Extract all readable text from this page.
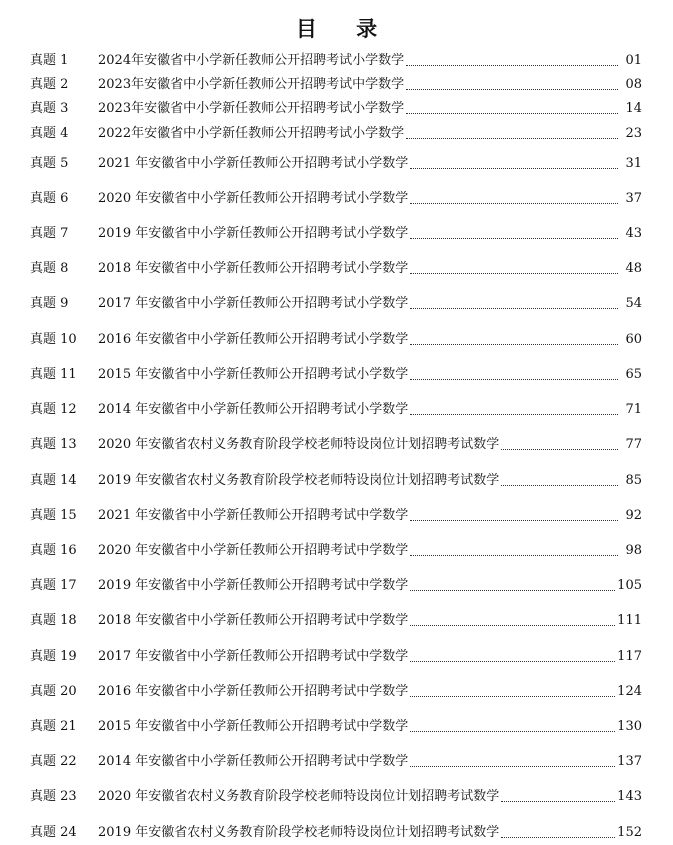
目 录
真题 1	2024年安徽省中小学新任教师公开招聘考试小学数学	01
真题 2	2023年安徽省中小学新任教师公开招聘考试中学数学	08
真题 3	2023年安徽省中小学新任教师公开招聘考试小学数学	14
真题 4	2022年安徽省中小学新任教师公开招聘考试小学数学	23
真题 5	2021 年安徽省中小学新任教师公开招聘考试小学数学	31
真题 6	2020 年安徽省中小学新任教师公开招聘考试小学数学	37
真题 7	2019 年安徽省中小学新任教师公开招聘考试小学数学	43
真题 8	2018 年安徽省中小学新任教师公开招聘考试小学数学	48
真题 9	2017 年安徽省中小学新任教师公开招聘考试小学数学	54
真题 10	2016 年安徽省中小学新任教师公开招聘考试小学数学	60
真题 11	2015 年安徽省中小学新任教师公开招聘考试小学数学	65
真题 12	2014 年安徽省中小学新任教师公开招聘考试小学数学	71
真题 13	2020 年安徽省农村义务教育阶段学校老师特设岗位计划招聘考试数学	77
真题 14	2019 年安徽省农村义务教育阶段学校老师特设岗位计划招聘考试数学	85
真题 15	2021 年安徽省中小学新任教师公开招聘考试中学数学	92
真题 16	2020 年安徽省中小学新任教师公开招聘考试中学数学	98
真题 17	2019 年安徽省中小学新任教师公开招聘考试中学数学	105
真题 18	2018 年安徽省中小学新任教师公开招聘考试中学数学	111
真题 19	2017 年安徽省中小学新任教师公开招聘考试中学数学	117
真题 20	2016 年安徽省中小学新任教师公开招聘考试中学数学	124
真题 21	2015 年安徽省中小学新任教师公开招聘考试中学数学	130
真题 22	2014 年安徽省中小学新任教师公开招聘考试中学数学	137
真题 23	2020 年安徽省农村义务教育阶段学校老师特设岗位计划招聘考试数学	143
真题 24	2019 年安徽省农村义务教育阶段学校老师特设岗位计划招聘考试数学	152
